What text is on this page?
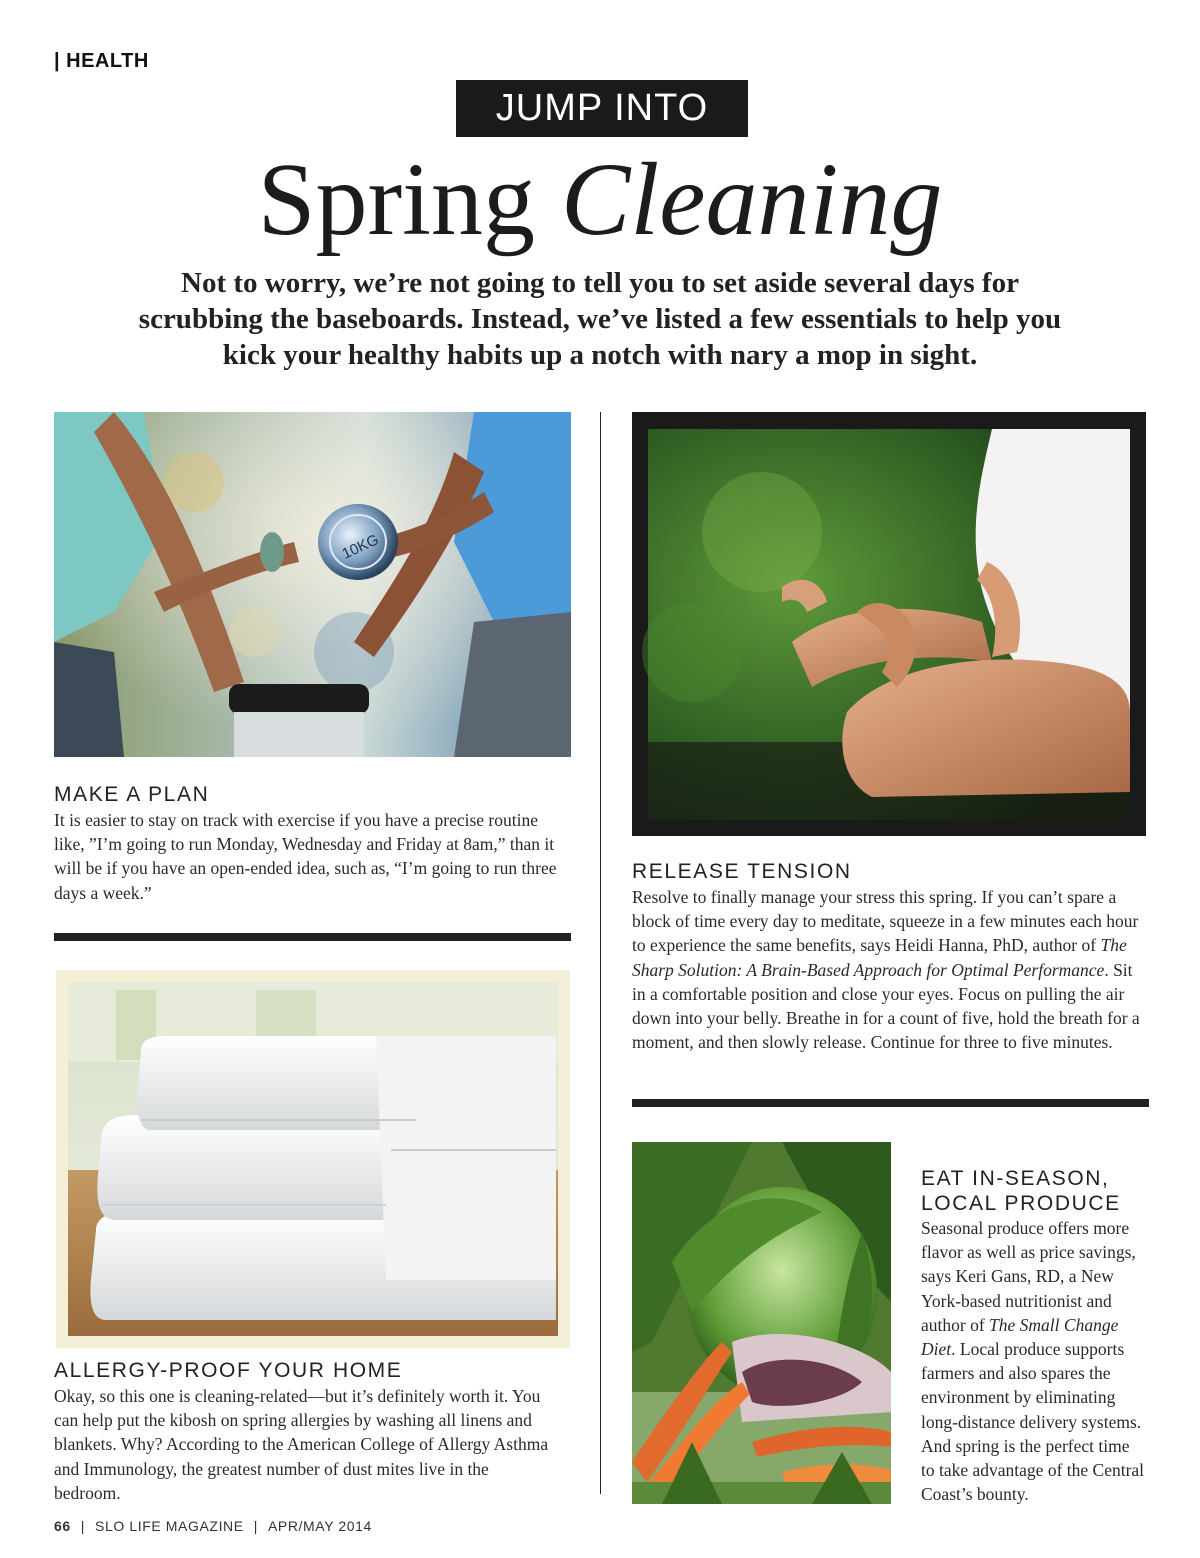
| HEALTH
JUMP INTO
Spring Cleaning
Not to worry, we’re not going to tell you to set aside several days for scrubbing the baseboards. Instead, we’ve listed a few essentials to help you kick your healthy habits up a notch with nary a mop in sight.
10KG
MAKE A PLAN
It is easier to stay on track with exercise if you have a precise routine like, ”I’m going to run Monday, Wednesday and Friday at 8am,” than it will be if you have an open-ended idea, such as, “I’m going to run three days a week.”
ALLERGY-PROOF YOUR HOME
Okay, so this one is cleaning-related—but it’s definitely worth it. You can help put the kibosh on spring allergies by washing all linens and blankets. Why? According to the American College of Allergy Asthma and Immunology, the greatest number of dust mites live in the bedroom.
RELEASE TENSION
Resolve to finally manage your stress this spring. If you can’t spare a block of time every day to meditate, squeeze in a few minutes each hour to experience the same benefits, says Heidi Hanna, PhD, author of The Sharp Solution: A Brain-Based Approach for Optimal Performance. Sit in a comfortable position and close your eyes. Focus on pulling the air down into your belly. Breathe in for a count of five, hold the breath for a moment, and then slowly release. Continue for three to five minutes.
EAT IN-SEASON,
LOCAL PRODUCE
Seasonal produce offers more flavor as well as price savings, says Keri Gans, RD, a New York-based nutritionist and author of The Small Change Diet. Local produce supports farmers and also spares the environment by eliminating long-distance delivery systems. And spring is the perfect time to take advantage of the Central Coast’s bounty.
66 | SLO LIFE MAGAZINE | APR/MAY 2014
